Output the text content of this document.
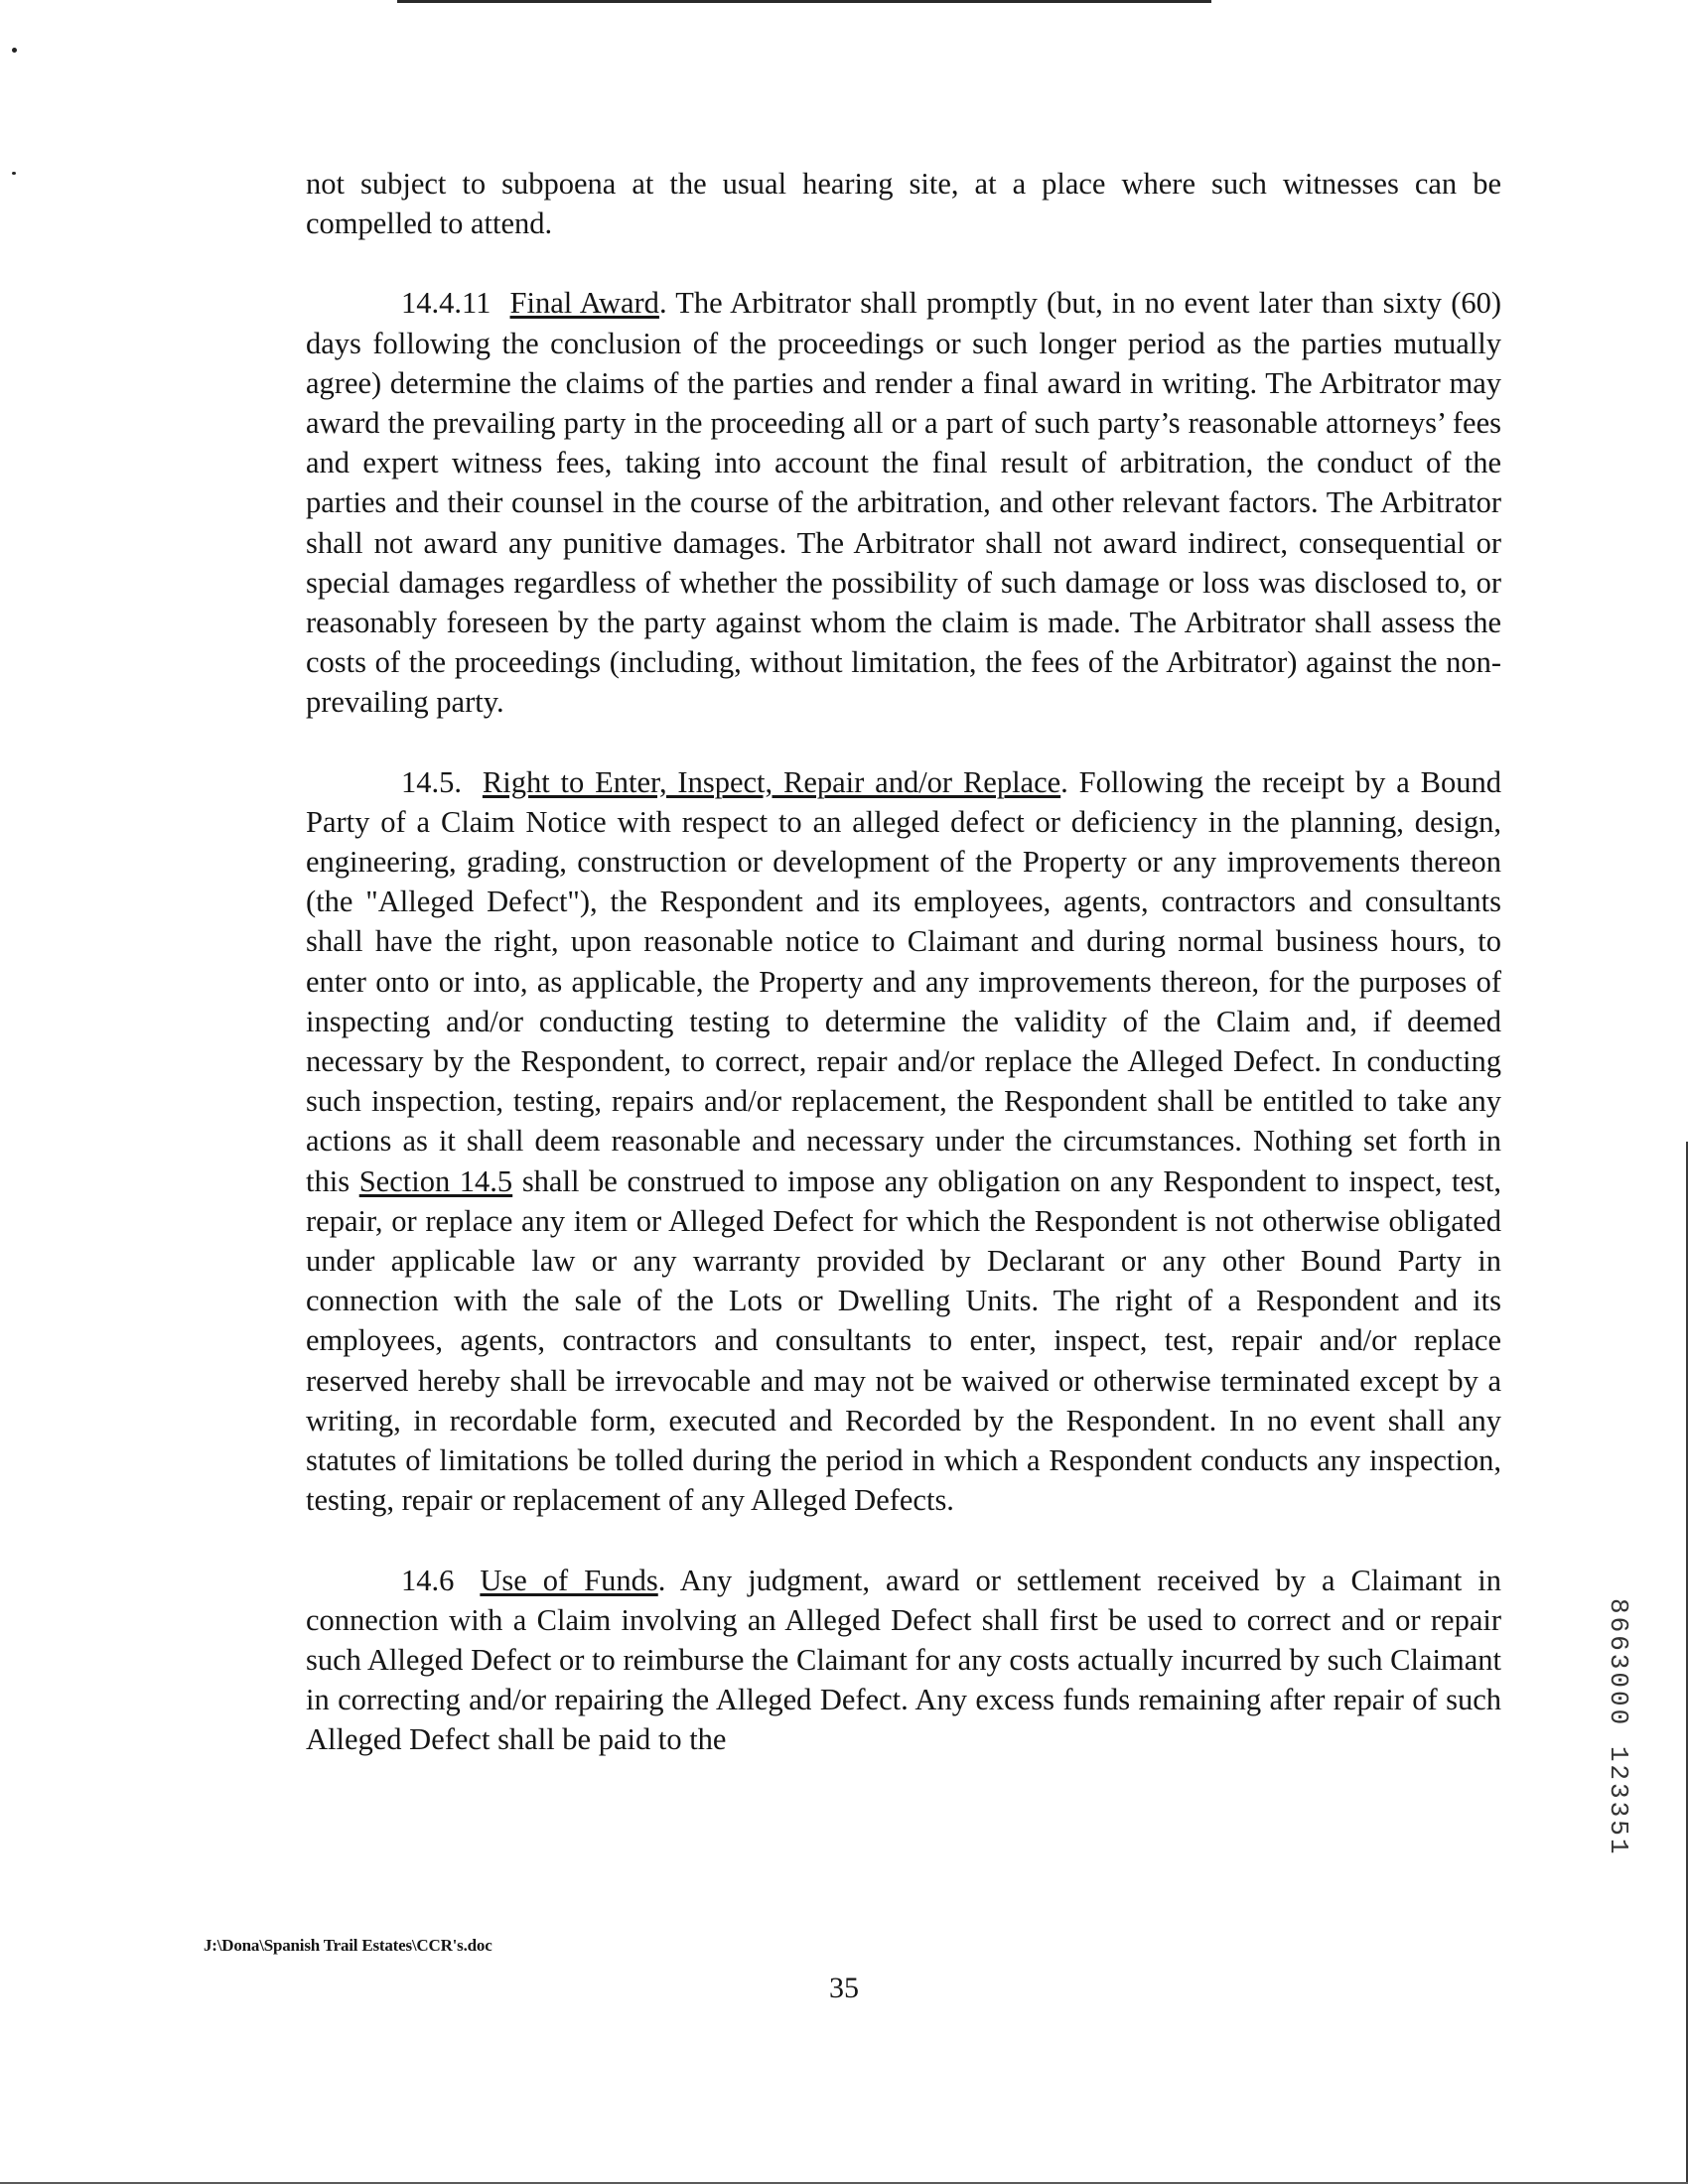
not subject to subpoena at the usual hearing site, at a place where such witnesses can be compelled to attend.

14.4.11 Final Award. The Arbitrator shall promptly (but, in no event later than sixty (60) days following the conclusion of the proceedings or such longer period as the parties mutually agree) determine the claims of the parties and render a final award in writing. The Arbitrator may award the prevailing party in the proceeding all or a part of such party’s reasonable attorneys’ fees and expert witness fees, taking into account the final result of arbitration, the conduct of the parties and their counsel in the course of the arbitration, and other relevant factors. The Arbitrator shall not award any punitive damages. The Arbitrator shall not award indirect, consequential or special damages regardless of whether the possibility of such damage or loss was disclosed to, or reasonably foreseen by the party against whom the claim is made. The Arbitrator shall assess the costs of the proceedings (including, without limitation, the fees of the Arbitrator) against the non-prevailing party.

14.5. Right to Enter, Inspect, Repair and/or Replace. Following the receipt by a Bound Party of a Claim Notice with respect to an alleged defect or deficiency in the planning, design, engineering, grading, construction or development of the Property or any improvements thereon (the "Alleged Defect"), the Respondent and its employees, agents, contractors and consultants shall have the right, upon reasonable notice to Claimant and during normal business hours, to enter onto or into, as applicable, the Property and any improvements thereon, for the purposes of inspecting and/or conducting testing to determine the validity of the Claim and, if deemed necessary by the Respondent, to correct, repair and/or replace the Alleged Defect. In conducting such inspection, testing, repairs and/or replacement, the Respondent shall be entitled to take any actions as it shall deem reasonable and necessary under the circumstances. Nothing set forth in this Section 14.5 shall be construed to impose any obligation on any Respondent to inspect, test, repair, or replace any item or Alleged Defect for which the Respondent is not otherwise obligated under applicable law or any warranty provided by Declarant or any other Bound Party in connection with the sale of the Lots or Dwelling Units. The right of a Respondent and its employees, agents, contractors and consultants to enter, inspect, test, repair and/or replace reserved hereby shall be irrevocable and may not be waived or otherwise terminated except by a writing, in recordable form, executed and Recorded by the Respondent. In no event shall any statutes of limitations be tolled during the period in which a Respondent conducts any inspection, testing, repair or replacement of any Alleged Defects.

14.6 Use of Funds. Any judgment, award or settlement received by a Claimant in connection with a Claim involving an Alleged Defect shall first be used to correct and or repair such Alleged Defect or to reimburse the Claimant for any costs actually incurred by such Claimant in correcting and/or repairing the Alleged Defect. Any excess funds remaining after repair of such Alleged Defect shall be paid to the	8663000 123351
J:\Dona\Spanish Trail Estates\CCR's.doc
35
